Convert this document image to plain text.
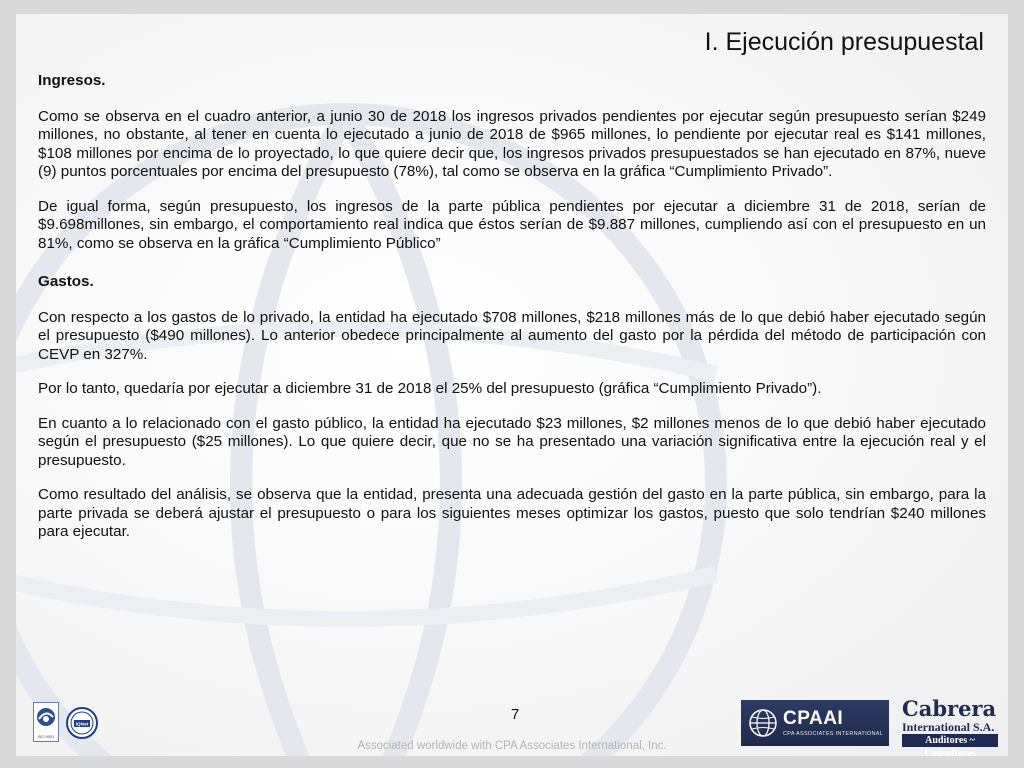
I. Ejecución presupuestal
Ingresos.

Como se observa en el cuadro anterior, a junio 30 de 2018 los ingresos privados pendientes por ejecutar según presupuesto serían $249 millones, no obstante, al tener en cuenta lo ejecutado a junio de 2018 de $965 millones, lo pendiente por ejecutar real es $141 millones, $108 millones por encima de lo proyectado, lo que quiere decir que, los ingresos privados presupuestados se han ejecutado en 87%, nueve (9) puntos porcentuales por encima del presupuesto (78%), tal como se observa en la gráfica “Cumplimiento Privado”.

De igual forma, según presupuesto, los ingresos de la parte pública pendientes por ejecutar a diciembre 31 de 2018, serían de $9.698millones, sin embargo, el comportamiento real indica que éstos serían de $9.887 millones, cumpliendo así con el presupuesto en un 81%, como se observa en la gráfica “Cumplimiento Público”

Gastos.

Con respecto a los gastos de lo privado, la entidad ha ejecutado $708 millones, $218 millones más de lo que debió haber ejecutado según el presupuesto ($490 millones). Lo anterior obedece principalmente al aumento del gasto por la pérdida del método de participación con CEVP en 327%.

Por lo tanto, quedaría por ejecutar a diciembre 31 de 2018 el 25% del presupuesto (gráfica “Cumplimiento Privado”).

En cuanto a lo relacionado con el gasto público, la entidad ha ejecutado $23 millones, $2 millones menos de lo que debió haber ejecutado según el presupuesto ($25 millones). Lo que quiere decir, que no se ha presentado una variación significativa entre la ejecución real y el presupuesto.

Como resultado del análisis, se observa que la entidad, presenta una adecuada gestión del gasto en la parte pública, sin embargo, para la parte privada se deberá ajustar el presupuesto o para los siguientes meses optimizar los gastos, puesto que solo tendrían $240 millones para ejecutar.

7
Associated worldwide with CPA Associates International, Inc.
ISO 9001
IQNet	CPAAI
CPA ASSOCIATES INTERNATIONAL
Cabrera
International S.A.
Auditores ~ Consultores
